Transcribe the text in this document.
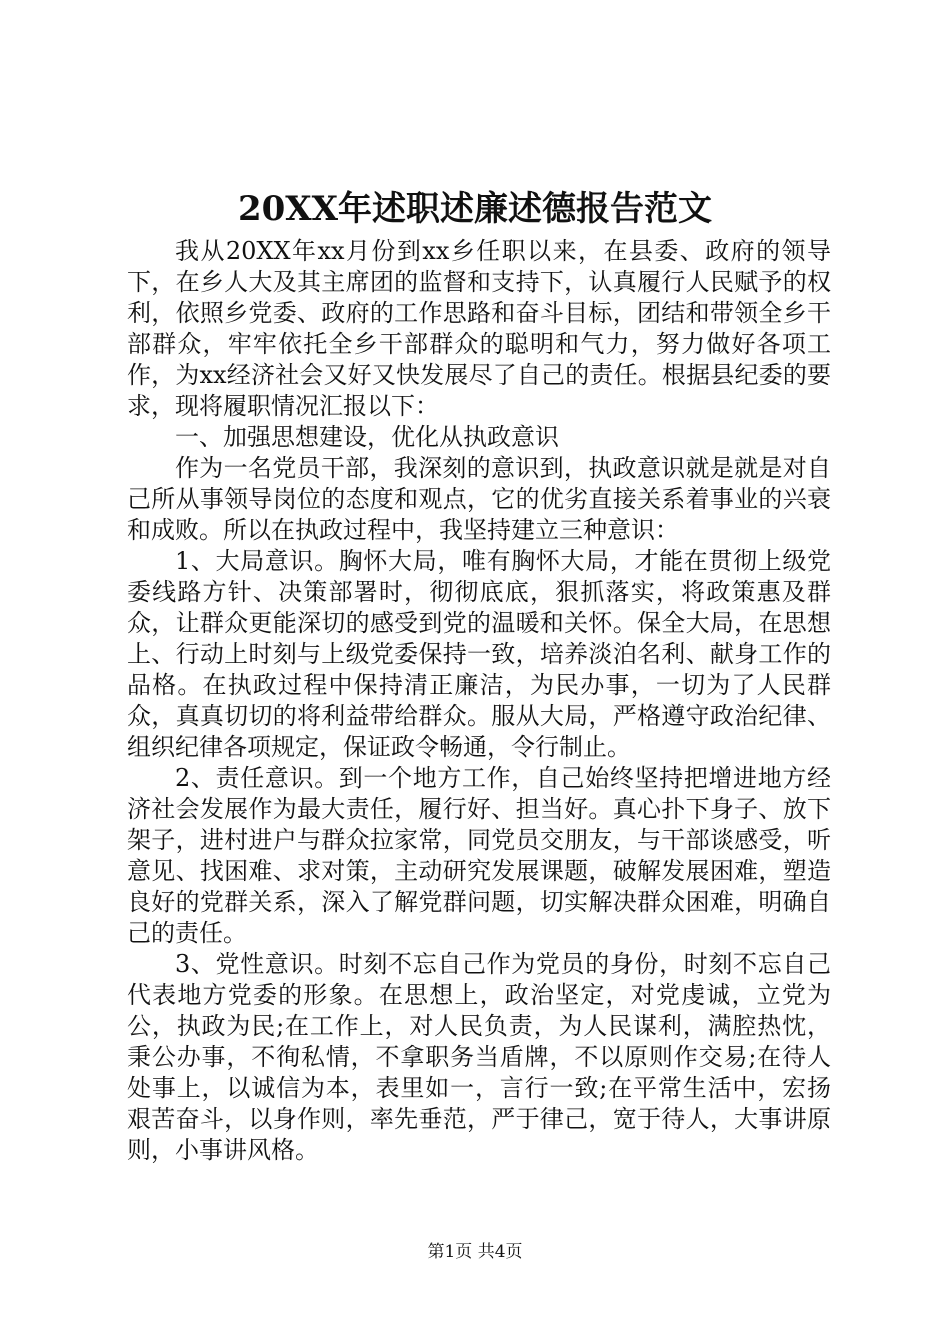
20XX年述职述廉述德报告范文

我从20XX年xx月份到xx乡任职以来，在县委、政府的领导下，在乡人大及其主席团的监督和支持下，认真履行人民赋予的权利，依照乡党委、政府的工作思路和奋斗目标，团结和带领全乡干部群众，牢牢依托全乡干部群众的聪明和气力，努力做好各项工作，为xx经济社会又好又快发展尽了自己的责任。根据县纪委的要求，现将履职情况汇报以下：

一、加强思想建设，优化从执政意识

作为一名党员干部，我深刻的意识到，执政意识就是就是对自己所从事领导岗位的态度和观点，它的优劣直接关系着事业的兴衰和成败。所以在执政过程中，我坚持建立三种意识：

1、大局意识。胸怀大局，唯有胸怀大局，才能在贯彻上级党委线路方针、决策部署时，彻彻底底，狠抓落实，将政策惠及群众，让群众更能深切的感受到党的温暖和关怀。保全大局，在思想上、行动上时刻与上级党委保持一致，培养淡泊名利、献身工作的品格。在执政过程中保持清正廉洁，为民办事，一切为了人民群众，真真切切的将利益带给群众。服从大局，严格遵守政治纪律、组织纪律各项规定，保证政令畅通，令行制止。

2、责任意识。到一个地方工作，自己始终坚持把增进地方经济社会发展作为最大责任，履行好、担当好。真心扑下身子、放下架子，进村进户与群众拉家常，同党员交朋友，与干部谈感受，听意见、找困难、求对策，主动研究发展课题，破解发展困难，塑造良好的党群关系，深入了解党群问题，切实解决群众困难，明确自己的责任。

3、党性意识。时刻不忘自己作为党员的身份，时刻不忘自己代表地方党委的形象。在思想上，政治坚定，对党虔诚，立党为公，执政为民;在工作上，对人民负责，为人民谋利，满腔热忱，秉公办事，不徇私情，不拿职务当盾牌，不以原则作交易;在待人处事上，以诚信为本，表里如一，言行一致;在平常生活中，宏扬艰苦奋斗，以身作则，率先垂范，严于律己，宽于待人，大事讲原则，小事讲风格。

第1页 共4页
